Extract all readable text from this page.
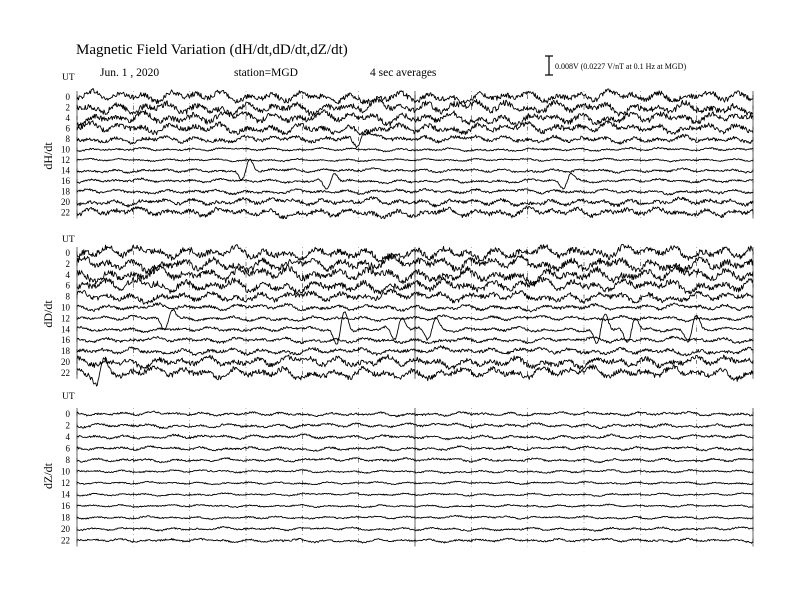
Magnetic Field Variation (dH/dt,dD/dt,dZ/dt)
Jun. 1 , 2020	station=MGD	4 sec averages
0.008V (0.0227 V/nT at 0.1 Hz at MGD)
UT
dH/dt
0
2
4
6
8
10
12
14
16
18
20
22
UT
dD/dt
0
2
4
6
8
10
12
14
16
18
20
22
UT
dZ/dt
0
2
4
6
8
10
12
14
16
18
20
22
